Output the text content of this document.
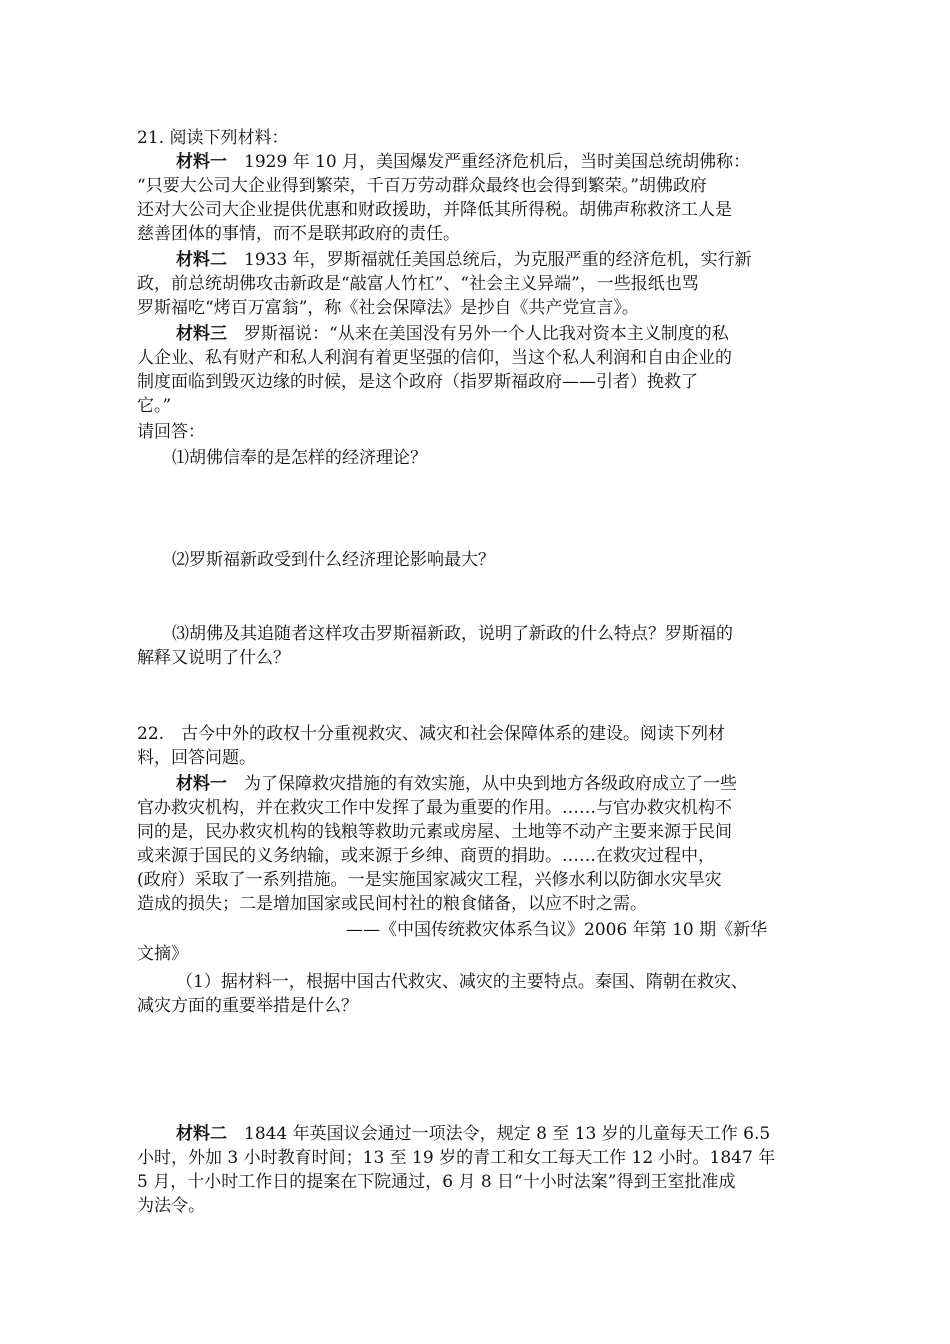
21. 阅读下列材料：
材料一　 1929 年 10 月，美国爆发严重经济危机后，当时美国总统胡佛称：
“只要大公司大企业得到繁荣，千百万劳动群众最终也会得到繁荣。”胡佛政府
还对大公司大企业提供优惠和财政援助，并降低其所得税。胡佛声称救济工人是
慈善团体的事情，而不是联邦政府的责任。
材料二　 1933 年，罗斯福就任美国总统后，为克服严重的经济危机，实行新
政，前总统胡佛攻击新政是“敲富人竹杠”、“社会主义异端”，一些报纸也骂
罗斯福吃“烤百万富翁”，称《社会保障法》是抄自《共产党宣言》。
材料三　 罗斯福说：“从来在美国没有另外一个人比我对资本主义制度的私
人企业、私有财产和私人利润有着更坚强的信仰，当这个私人利润和自由企业的
制度面临到毁灭边缘的时候，是这个政府（指罗斯福政府——引者）挽救了
它。”
请回答：
⑴胡佛信奉的是怎样的经济理论？
⑵罗斯福新政受到什么经济理论影响最大？
⑶胡佛及其追随者这样攻击罗斯福新政，说明了新政的什么特点？罗斯福的
解释又说明了什么？
22.　古今中外的政权十分重视救灾、减灾和社会保障体系的建设。阅读下列材
料，回答问题。
材料一　 为了保障救灾措施的有效实施，从中央到地方各级政府成立了一些
官办救灾机构，并在救灾工作中发挥了最为重要的作用。……与官办救灾机构不
同的是，民办救灾机构的钱粮等救助元素或房屋、土地等不动产主要来源于民间
或来源于国民的义务纳输，或来源于乡绅、商贾的捐助。……在救灾过程中，
(政府）采取了一系列措施。一是实施国家减灾工程，兴修水利以防御水灾旱灾
造成的损失；二是增加国家或民间村社的粮食储备，以应不时之需。
——《中国传统救灾体系刍议》2006 年第 10 期《新华
文摘》
（1）据材料一，根据中国古代救灾、减灾的主要特点。秦国、隋朝在救灾、
减灾方面的重要举措是什么？
材料二　 1844 年英国议会通过一项法令，规定 8 至 13 岁的儿童每天工作 6.5
小时，外加 3 小时教育时间；13 至 19 岁的青工和女工每天工作 12 小时。1847 年
5 月，十小时工作日的提案在下院通过，6 月 8 日“十小时法案”得到王室批准成
为法令。
